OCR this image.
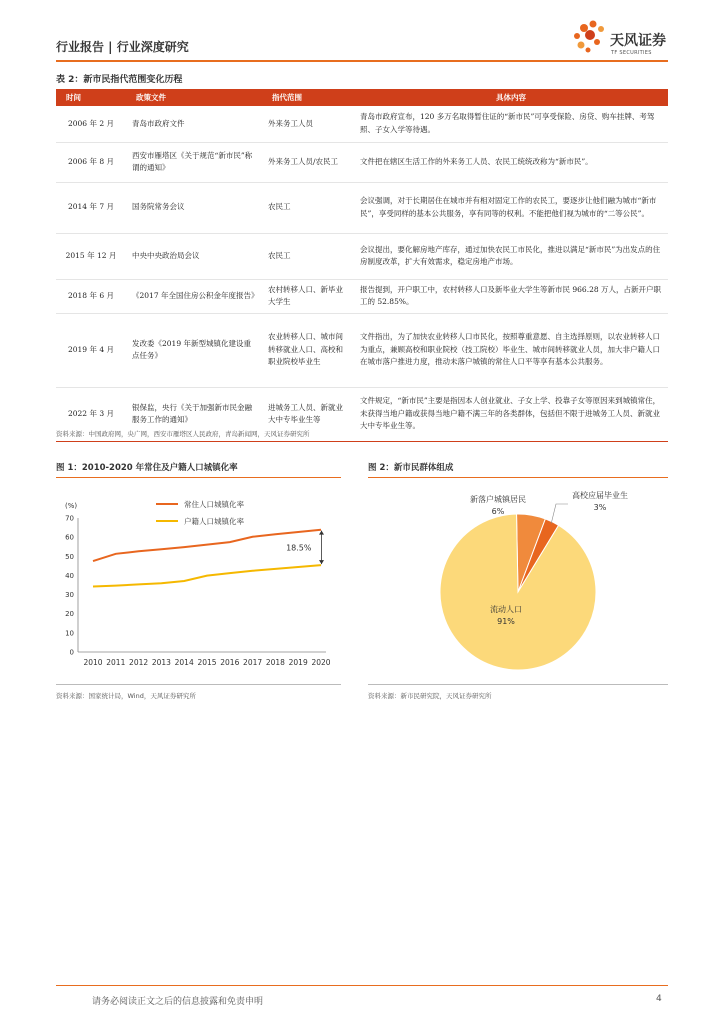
行业报告 | 行业深度研究	天风证券
TF SECURITIES
表 2：新市民指代范围变化历程
时间	政策文件	指代范围	具体内容
2006 年 2 月	青岛市政府文件	外来务工人员	青岛市政府宣布，120 多万名取得暂住证的“新市民”可享受保险、房贷、购车挂牌、考驾照、子女入学等待遇。
2006 年 8 月	西安市雁塔区《关于规范“新市民”称谓的通知》	外来务工人员/农民工	文件把在辖区生活工作的外来务工人员、农民工统统改称为“新市民”。
2014 年 7 月	国务院常务会议	农民工	会议强调，对于长期居住在城市并有相对固定工作的农民工，要逐步让他们融为城市“新市民”，享受同样的基本公共服务，享有同等的权利。不能把他们视为城市的“二等公民”。
2015 年 12 月	中央中央政治局会议	农民工	会议提出，要化解房地产库存，通过加快农民工市民化，推进以满足“新市民”为出发点的住房制度改革，扩大有效需求，稳定房地产市场。
2018 年 6 月	《2017 年全国住房公积金年度报告》	农村转移人口、新毕业大学生	报告提到，开户职工中，农村转移人口及新毕业大学生等新市民 966.28 万人，占新开户职工的 52.85%。
2019 年 4 月	发改委《2019 年新型城镇化建设重点任务》	农业转移人口、城市间转移就业人口、高校和职业院校毕业生	文件指出，为了加快农业转移人口市民化，按照尊重意愿、自主选择原则，以农业转移人口为重点，兼顾高校和职业院校（技工院校）毕业生、城市间转移就业人员，加大非户籍人口在城市落户推进力度，推动未落户城镇的常住人口平等享有基本公共服务。
2022 年 3 月	银保监，央行《关于加强新市民金融服务工作的通知》	进城务工人员、新就业大中专毕业生等	文件规定，“新市民”主要是指因本人创业就业、子女上学、投靠子女等原因来到城镇常住，未获得当地户籍或获得当地户籍不满三年的各类群体，包括但不限于进城务工人员、新就业大中专毕业生等。
资料来源：中国政府网，央广网，西安市雁塔区人民政府，青岛新闻网，天风证券研究所
图 1：2010-2020 年常住及户籍人口城镇化率
(%)
0
10
20
30
40
50
60
70
2010 2011 2012 2013 2014 2015 2016 2017 2018 2019 2020
常住人口城镇化率
户籍人口城镇化率
18.5%
资料来源：国家统计局，Wind，天风证券研究所
图 2：新市民群体组成
流动人口
91%
新落户城镇居民
6%
高校应届毕业生
3%
资料来源：新市民研究院，天风证券研究所
请务必阅读正文之后的信息披露和免责申明	4
